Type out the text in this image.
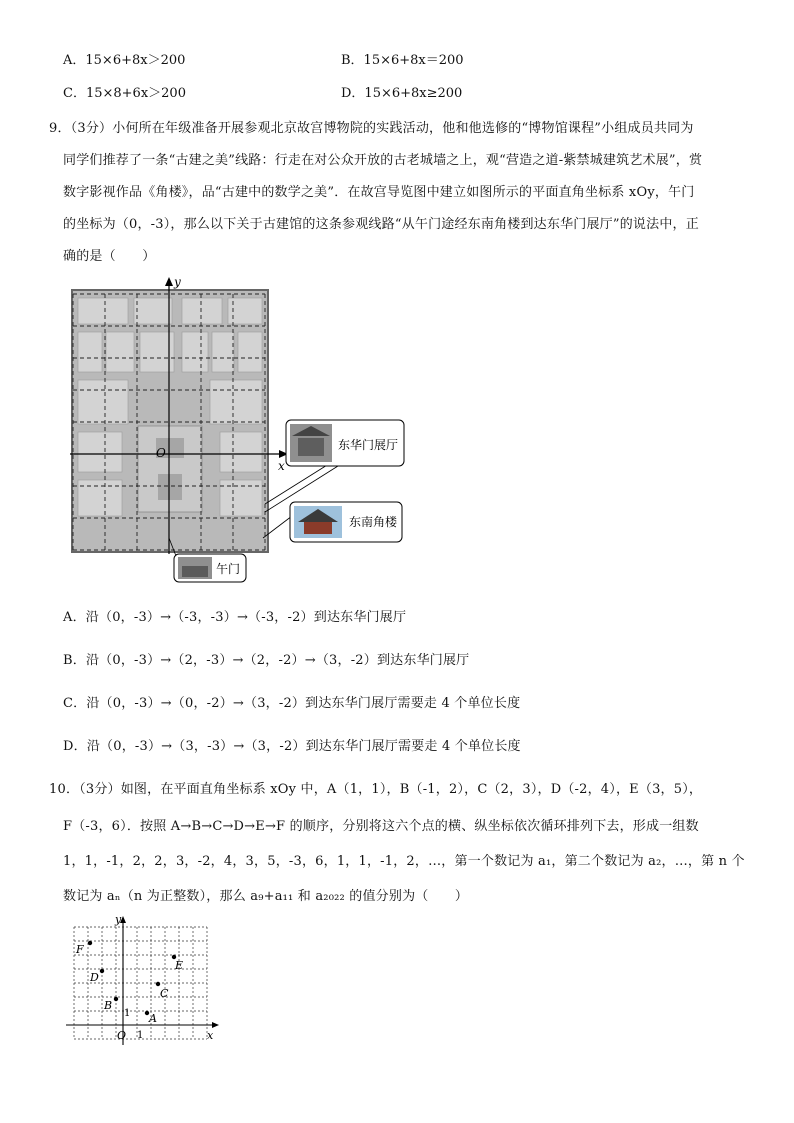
A．15×6+8x＞200	B．15×6+8x＝200
C．15×8+6x＞200	D．15×6+8x≥200
9．（3分）小何所在年级准备开展参观北京故宫博物院的实践活动，他和他选修的“博物馆课程”小组成员共同为
同学们推荐了一条“古建之美”线路：行走在对公众开放的古老城墙之上，观“营造之道-紫禁城建筑艺术展”，赏
数字影视作品《角楼》，品“古建中的数学之美”．在故宫导览图中建立如图所示的平面直角坐标系 xOy，午门
的坐标为（0，-3），那么以下关于古建馆的这条参观线路“从午门途经东南角楼到达东华门展厅”的说法中，正
确的是（　　）
y
x
O
东华门展厅
东南角楼
午门
A．沿（0，-3）→（-3，-3）→（-3，-2）到达东华门展厅
B．沿（0，-3）→（2，-3）→（2，-2）→（3，-2）到达东华门展厅
C．沿（0，-3）→（0，-2）→（3，-2）到达东华门展厅需要走 4 个单位长度
D．沿（0，-3）→（3，-3）→（3，-2）到达东华门展厅需要走 4 个单位长度
10．（3分）如图，在平面直角坐标系 xOy 中，A（1，1），B（-1，2），C（2，3），D（-2，4），E（3，5），
F（-3，6）．按照 A→B→C→D→E→F 的顺序，分别将这六个点的横、纵坐标依次循环排列下去，形成一组数
1，1，-1，2，2，3，-2，4，3，5，-3，6，1，1，-1，2，…，第一个数记为 a₁，第二个数记为 a₂，…，第 n 个
数记为 aₙ（n 为正整数），那么 a₉+a₁₁ 和 a₂₀₂₂ 的值分别为（　　）
y
x
O 1
1 A
B
C
D
E
F
